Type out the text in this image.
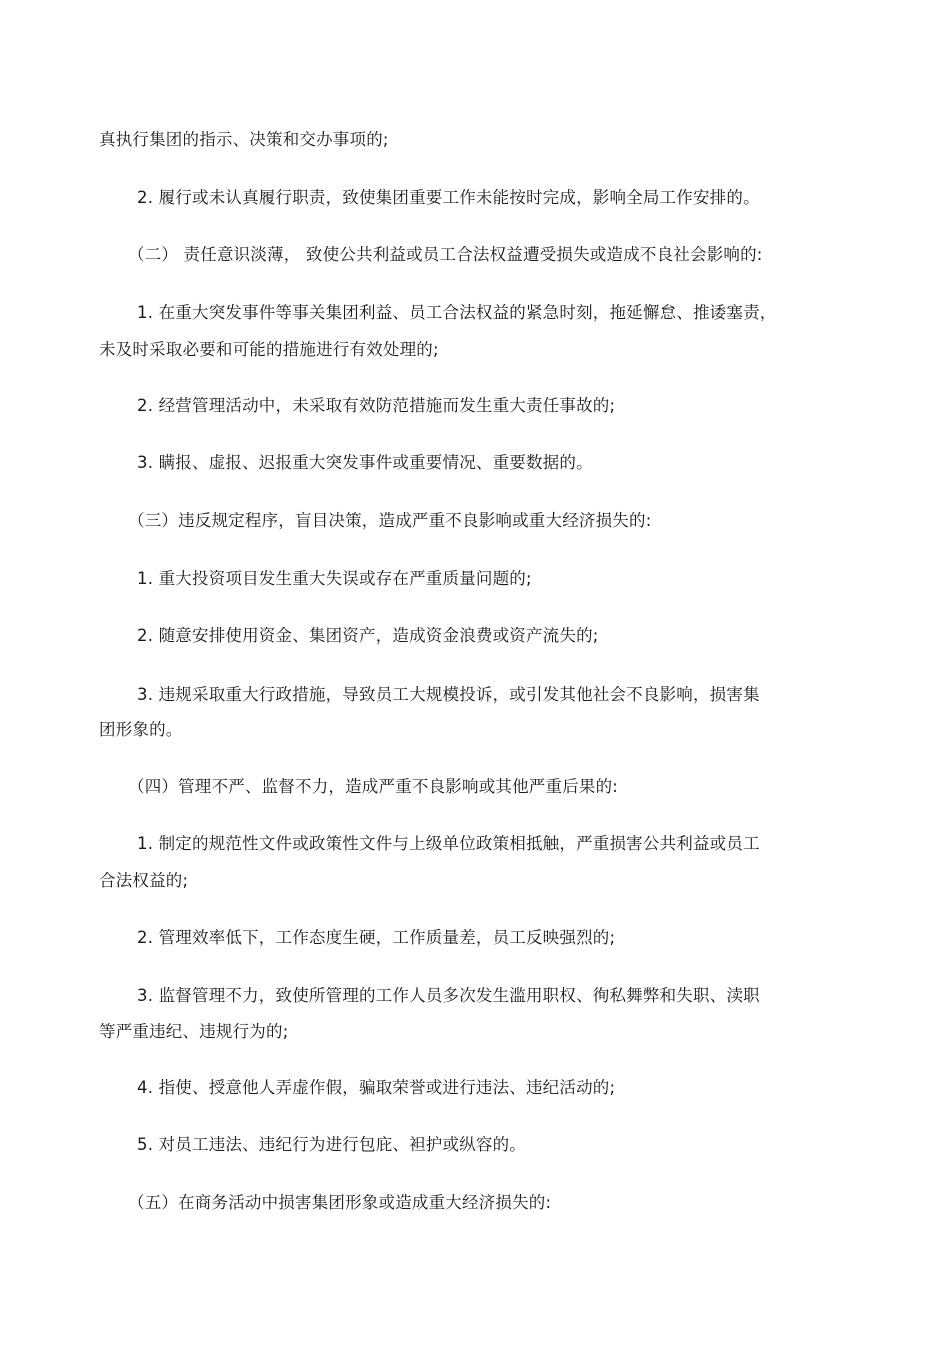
真执行集团的指示、决策和交办事项的;
2. 履行或未认真履行职责，致使集团重要工作未能按时完成，影响全局工作安排的。
（二） 责任意识淡薄， 致使公共利益或员工合法权益遭受损失或造成不良社会影响的:
1. 在重大突发事件等事关集团利益、员工合法权益的紧急时刻，拖延懈怠、推诿塞责，
未及时采取必要和可能的措施进行有效处理的;
2. 经营管理活动中，未采取有效防范措施而发生重大责任事故的;
3. 瞒报、虚报、迟报重大突发事件或重要情况、重要数据的。
（三）违反规定程序，盲目决策，造成严重不良影响或重大经济损失的:
1. 重大投资项目发生重大失误或存在严重质量问题的;
2. 随意安排使用资金、集团资产，造成资金浪费或资产流失的;
3. 违规采取重大行政措施，导致员工大规模投诉，或引发其他社会不良影响，损害集
团形象的。
（四）管理不严、监督不力，造成严重不良影响或其他严重后果的:
1. 制定的规范性文件或政策性文件与上级单位政策相抵触，严重损害公共利益或员工
合法权益的;
2. 管理效率低下，工作态度生硬，工作质量差，员工反映强烈的;
3. 监督管理不力，致使所管理的工作人员多次发生滥用职权、徇私舞弊和失职、渎职
等严重违纪、违规行为的;
4. 指使、授意他人弄虚作假，骗取荣誉或进行违法、违纪活动的;
5. 对员工违法、违纪行为进行包庇、袒护或纵容的。
（五）在商务活动中损害集团形象或造成重大经济损失的:
